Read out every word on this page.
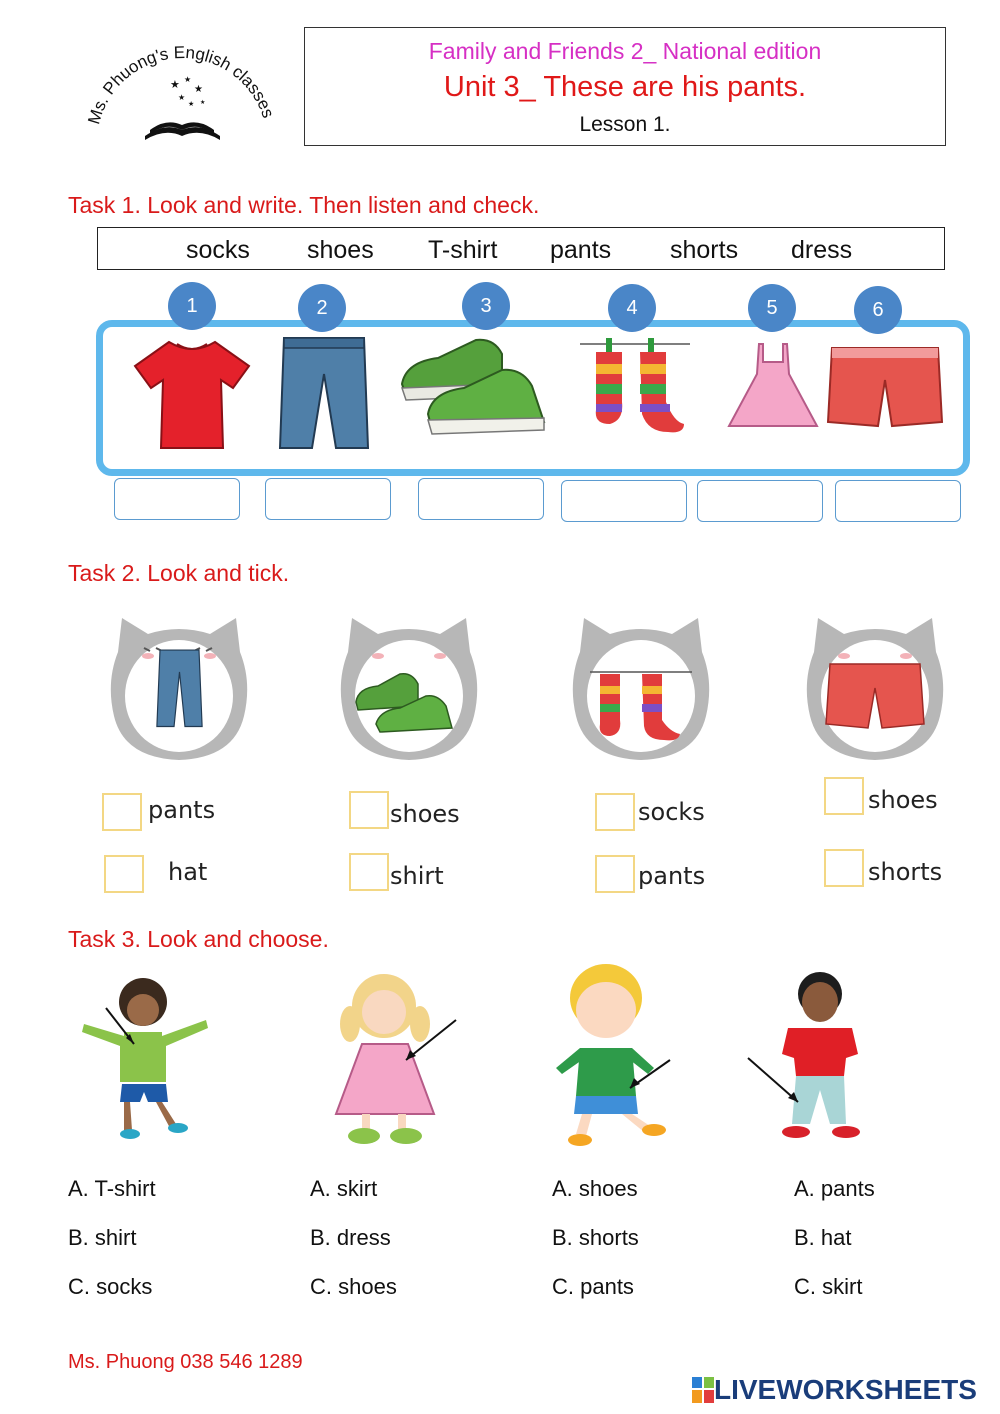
Ms. Phuong's English classes
★ ★
★
★
★ ★
Family and Friends 2_ National edition
Unit 3_ These are his pants.
Lesson 1.
Task 1. Look and write. Then listen and check.
socks shoes T-shirt pants shorts dress
1	2	3	4	5	6
Task 2. Look and tick.
pants
hat
shoes
shirt
socks
pants
shoes
shorts
Task 3. Look and choose.
A. T-shirt
B. shirt
C. socks
A. skirt
B. dress
C. shoes
A. shoes
B. shorts
C. pants
A. pants
B. hat
C. skirt
Ms. Phuong 038 546 1289
LIVEWORKSHEETS
